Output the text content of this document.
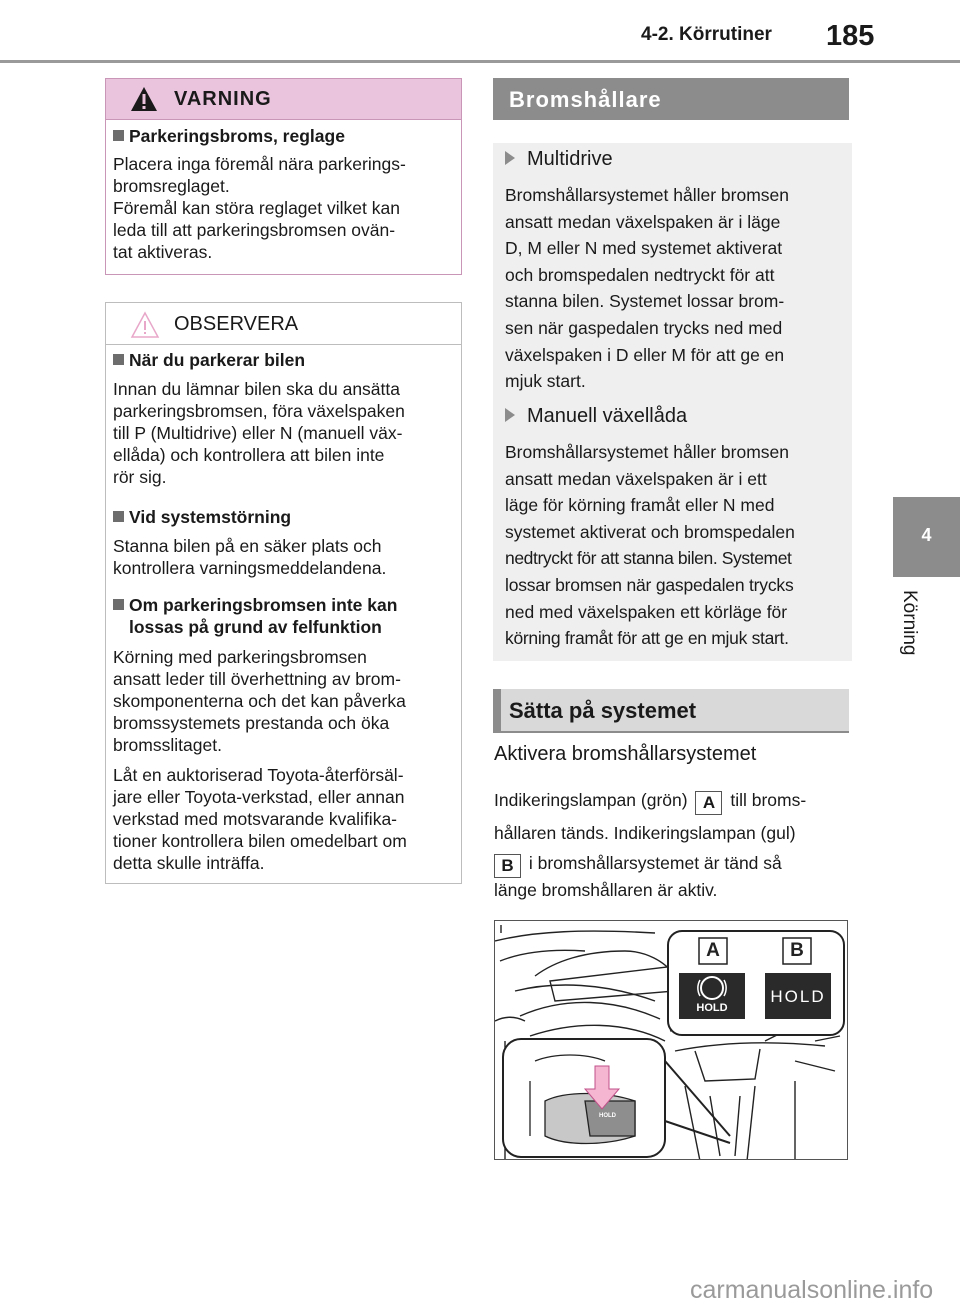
4-2. Körrutiner 185
4
Körning
VARNING
Parkeringsbroms, reglage
Placera inga föremål nära parkerings-
bromsreglaget.
Föremål kan störa reglaget vilket kan
leda till att parkeringsbromsen ovän-
tat aktiveras.
OBSERVERA
När du parkerar bilen
Innan du lämnar bilen ska du ansätta
parkeringsbromsen, föra växelspaken
till P (Multidrive) eller N (manuell väx-
ellåda) och kontrollera att bilen inte
rör sig.
Vid systemstörning
Stanna bilen på en säker plats och
kontrollera varningsmeddelandena.
Om parkeringsbromsen inte kan
lossas på grund av felfunktion
Körning med parkeringsbromsen
ansatt leder till överhettning av brom-
skomponenterna och det kan påverka
bromssystemets prestanda och öka
bromsslitaget.
Låt en auktoriserad Toyota-återförsäl-
jare eller Toyota-verkstad, eller annan
verkstad med motsvarande kvalifika-
tioner kontrollera bilen omedelbart om
detta skulle inträffa.
Bromshållare
Multidrive
Bromshållarsystemet håller bromsen
ansatt medan växelspaken är i läge
D, M eller N med systemet aktiverat
och bromspedalen nedtryckt för att
stanna bilen. Systemet lossar brom-
sen när gaspedalen trycks ned med
växelspaken i D eller M för att ge en
mjuk start.
Manuell växellåda
Bromshållarsystemet håller bromsen
ansatt medan växelspaken är i ett
läge för körning framåt eller N med
systemet aktiverat och bromspedalen
nedtryckt för att stanna bilen. Systemet
lossar bromsen när gaspedalen trycks
ned med växelspaken ett körläge för
körning framåt för att ge en mjuk start.
Sätta på systemet
Aktivera bromshållarsystemet
Indikeringslampan (grön) A till broms-
hållaren tänds. Indikeringslampan (gul)
B i bromshållarsystemet är tänd så
länge bromshållaren är aktiv.
A	B
HOLD
HOLD
HOLD
carmanualsonline.info
